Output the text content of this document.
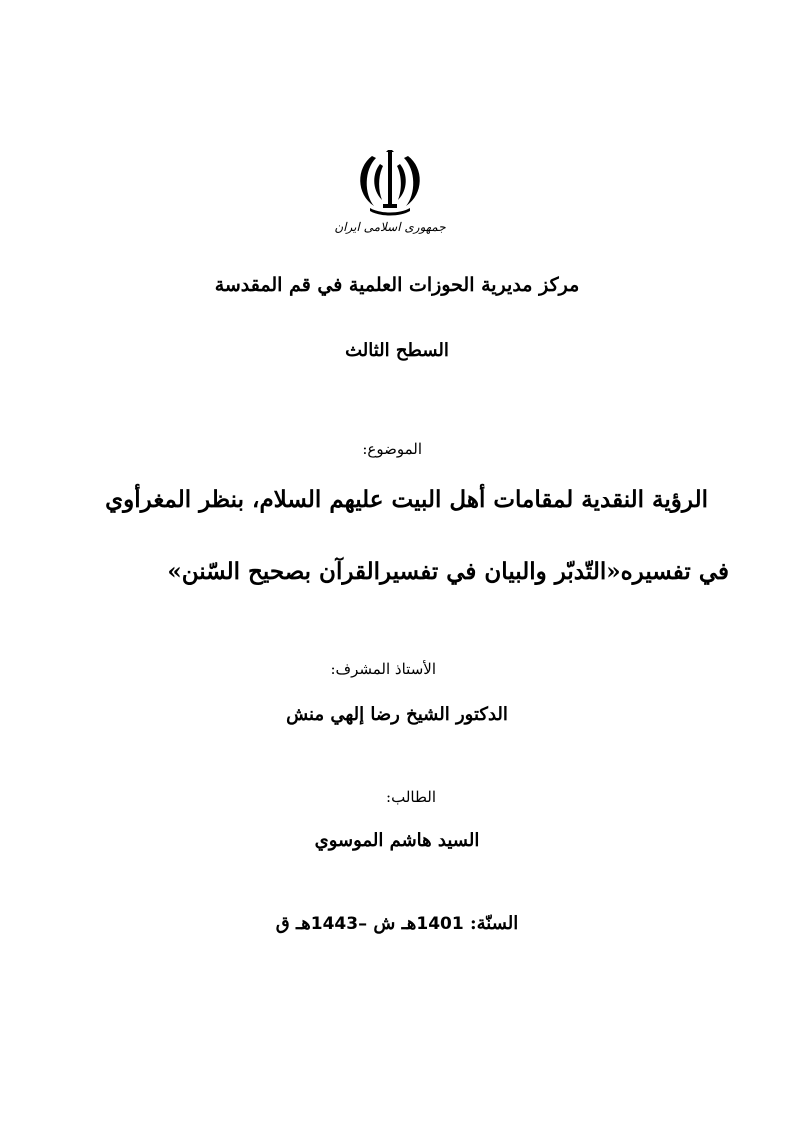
جمهوری اسلامی ایران
مركز مديرية الحوزات العلمية في قم المقدسة
السطح الثالث
الموضوع:
الرؤية النقدية لمقامات أهل البيت عليهم السلام، بنظر المغرأوي
في تفسيره«التّدبّر والبيان في تفسيرالقرآن بصحيح السّنن»
الأستاذ المشرف:
الدكتور الشيخ رضا إلهي منش
الطالب:
السيد هاشم الموسوي
السنّة: 1401هـ ش –1443هـ ق
